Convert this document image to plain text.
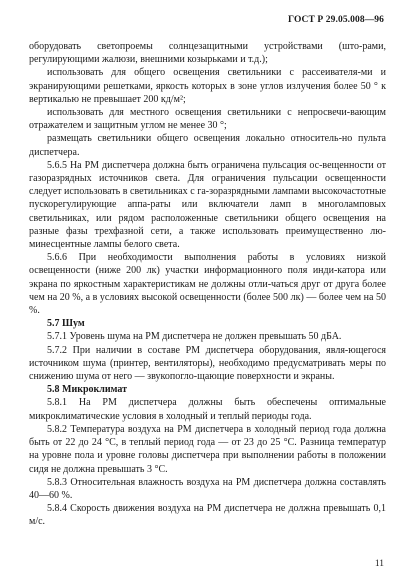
ГОСТ Р 29.05.008—96

оборудовать светопроемы солнцезащитными устройствами (што-рами, регулирующими жалюзи, внешними козырьками и т.д.);

использовать для общего освещения светильники с рассеивателя-ми и экранирующими решетками, яркость которых в зоне углов излучения более 50 ° к вертикалью не превышает 200 кд/м²;

использовать для местного освещения светильники с непросвечи-вающим отражателем и защитным углом не менее 30 °;

размещать светильники общего освещения локально относитель-но пульта диспетчера.

5.6.5 На РМ диспетчера должна быть ограничена пульсация ос-вещенности от газоразрядных источников света. Для ограничения пульсации освещенности следует использовать в светильниках с га-зоразрядными лампами высокочастотные пускорегулирующие аппа-раты или включатели ламп в многоламповых светильниках, или рядом расположенные светильники общего освещения на разные фазы трехфазной сети, а также использовать преимущественно лю-минесцентные лампы белого света.

5.6.6 При необходимости выполнения работы в условиях низкой освещенности (ниже 200 лк) участки информационного поля инди-катора или экрана по яркостным характеристикам не должны отли-чаться друг от друга более чем на 20 %, а в условиях высокой освещенности (более 500 лк) — более чем на 50 %.

5.7 Шум

5.7.1 Уровень шума на РМ диспетчера не должен превышать 50 дБА.

5.7.2 При наличии в составе РМ диспетчера оборудования, явля-ющегося источником шума (принтер, вентиляторы), необходимо предусматривать меры по снижению шума от него — звукопогло-щающие поверхности и экраны.

5.8 Микроклимат

5.8.1 На РМ диспетчера должны быть обеспечены оптимальные микроклиматические условия в холодный и теплый периоды года.

5.8.2 Температура воздуха на РМ диспетчера в холодный период года должна быть от 22 до 24 °С, в теплый период года — от 23 до 25 °С. Разница температур на уровне пола и уровне головы диспетчера при выполнении работы в положении сидя не должна превышать 3 °С.

5.8.3 Относительная влажность воздуха на РМ диспетчера должна составлять 40—60 %.

5.8.4 Скорость движения воздуха на РМ диспетчера не должна превышать 0,1 м/с.

11
